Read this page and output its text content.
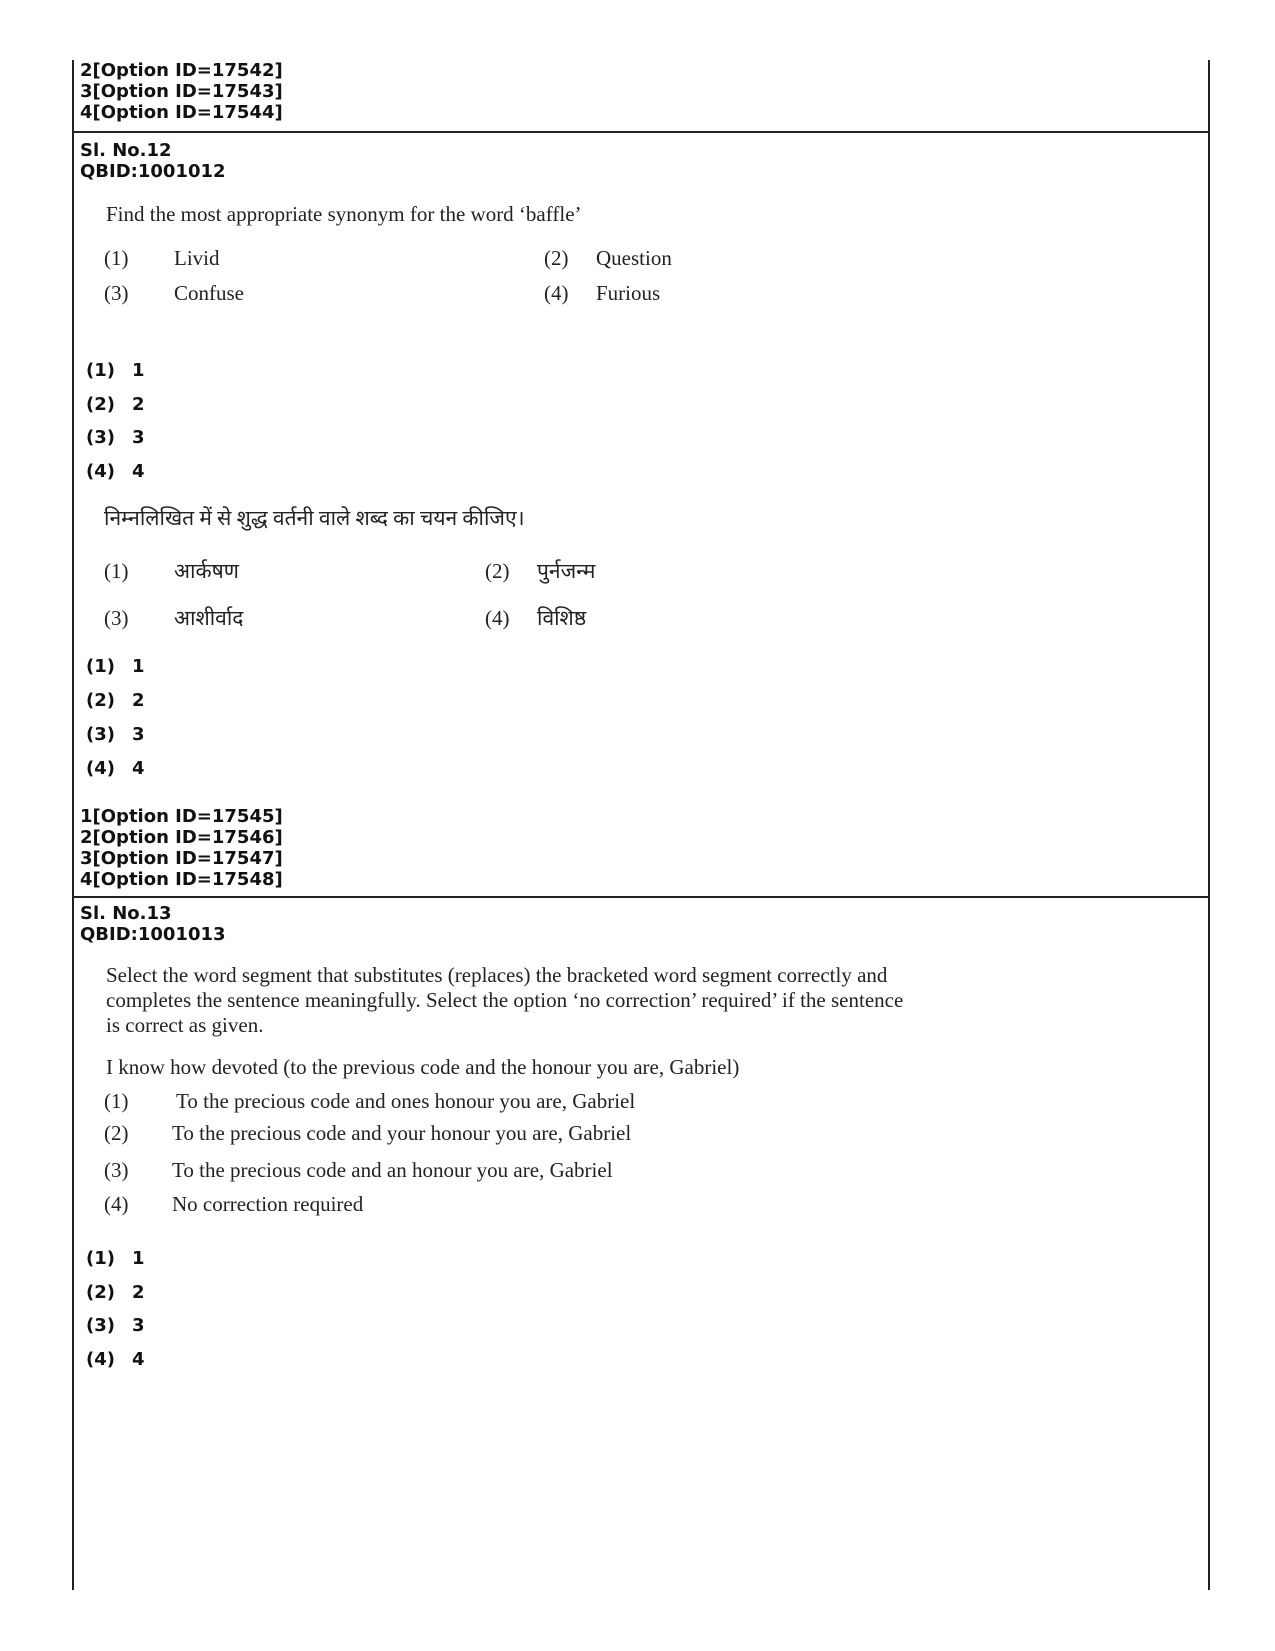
2[Option ID=17542]
3[Option ID=17543]
4[Option ID=17544]
Sl. No.12
QBID:1001012
Find the most appropriate synonym for the word ‘baffle’
(1) Livid	(2) Question
(3) Confuse	(4) Furious
(1) 1
(2) 2
(3) 3
(4) 4
निम्नलिखित में से शुद्ध वर्तनी वाले शब्द का चयन कीजिए।
(1) आर्कषण	(2) पुर्नजन्म
(3) आशीर्वाद	(4) विशिष्ठ
(1) 1
(2) 2
(3) 3
(4) 4
1[Option ID=17545]
2[Option ID=17546]
3[Option ID=17547]
4[Option ID=17548]
Sl. No.13
QBID:1001013
Select the word segment that substitutes (replaces) the bracketed word segment correctly and
completes the sentence meaningfully. Select the option ‘no correction’ required’ if the sentence
is correct as given.
I know how devoted (to the previous code and the honour you are, Gabriel)
(1) To the precious code and ones honour you are, Gabriel
(2) To the precious code and your honour you are, Gabriel
(3) To the precious code and an honour you are, Gabriel
(4) No correction required
(1) 1
(2) 2
(3) 3
(4) 4
